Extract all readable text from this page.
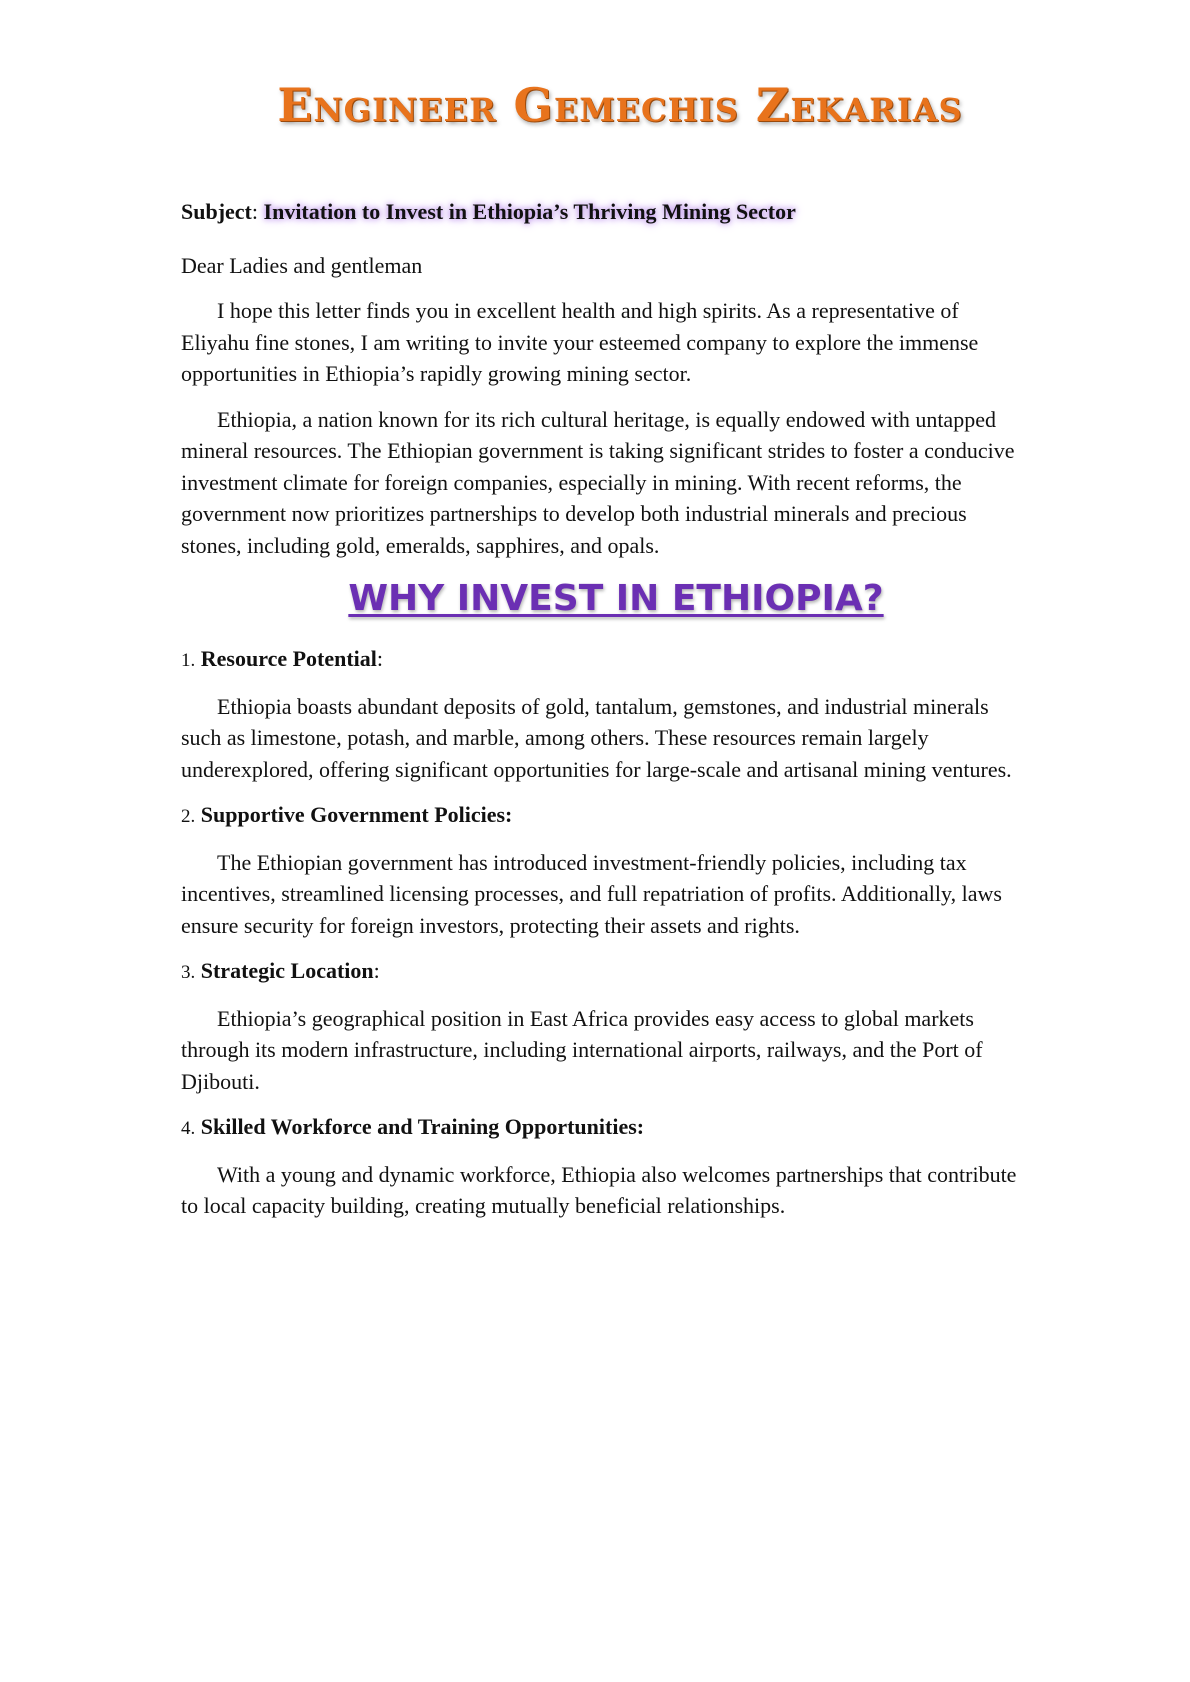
Engineer Gemechis Zekarias

Subject: Invitation to Invest in Ethiopia’s Thriving Mining Sector

Dear Ladies and gentleman

I hope this letter finds you in excellent health and high spirits. As a representative of Eliyahu fine stones, I am writing to invite your esteemed company to explore the immense opportunities in Ethiopia’s rapidly growing mining sector.

Ethiopia, a nation known for its rich cultural heritage, is equally endowed with untapped mineral resources. The Ethiopian government is taking significant strides to foster a conducive investment climate for foreign companies, especially in mining. With recent reforms, the government now prioritizes partnerships to develop both industrial minerals and precious stones, including gold, emeralds, sapphires, and opals.

WHY INVEST IN ETHIOPIA?

1. Resource Potential:

Ethiopia boasts abundant deposits of gold, tantalum, gemstones, and industrial minerals such as limestone, potash, and marble, among others. These resources remain largely underexplored, offering significant opportunities for large-scale and artisanal mining ventures.

2. Supportive Government Policies:

The Ethiopian government has introduced investment-friendly policies, including tax incentives, streamlined licensing processes, and full repatriation of profits. Additionally, laws ensure security for foreign investors, protecting their assets and rights.

3. Strategic Location:

Ethiopia’s geographical position in East Africa provides easy access to global markets through its modern infrastructure, including international airports, railways, and the Port of Djibouti.

4. Skilled Workforce and Training Opportunities:

With a young and dynamic workforce, Ethiopia also welcomes partnerships that contribute to local capacity building, creating mutually beneficial relationships.
